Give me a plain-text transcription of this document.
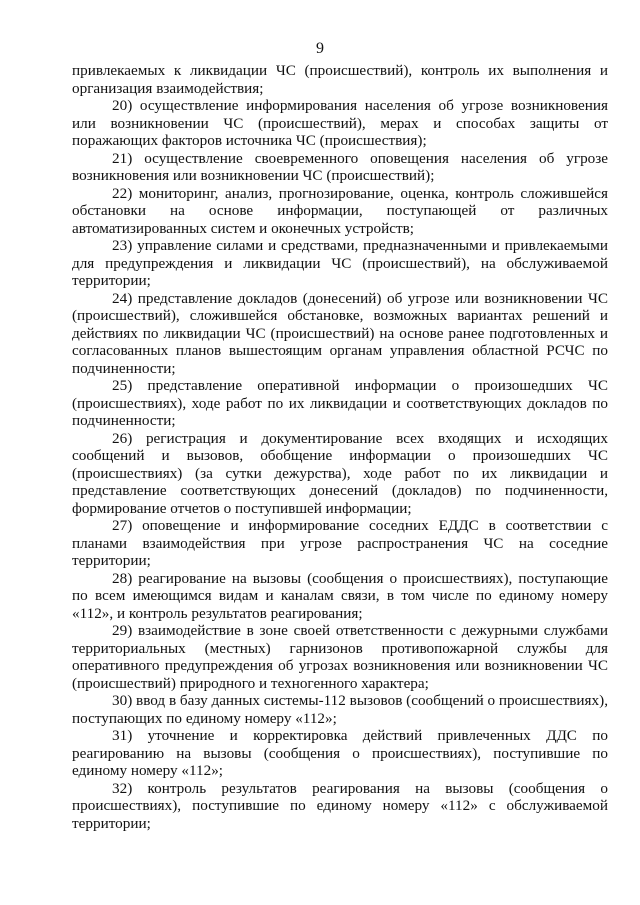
9

привлекаемых к ликвидации ЧС (происшествий), контроль их выполнения и организация взаимодействия;

20) осуществление информирования населения об угрозе возникновения или возникновении ЧС (происшествий), мерах и способах защиты от поражающих факторов источника ЧС (происшествия);

21) осуществление своевременного оповещения населения об угрозе возникновения или возникновении ЧС (происшествий);

22) мониторинг, анализ, прогнозирование, оценка, контроль сложившейся обстановки на основе информации, поступающей от различных автоматизированных систем и оконечных устройств;

23) управление силами и средствами, предназначенными и привлекаемыми для предупреждения и ликвидации ЧС (происшествий), на обслуживаемой территории;

24) представление докладов (донесений) об угрозе или возникновении ЧС (происшествий), сложившейся обстановке, возможных вариантах решений и действиях по ликвидации ЧС (происшествий) на основе ранее подготовленных и согласованных планов вышестоящим органам управления областной РСЧС по подчиненности;

25) представление оперативной информации о произошедших ЧС (происшествиях), ходе работ по их ликвидации и соответствующих докладов по подчиненности;

26) регистрация и документирование всех входящих и исходящих сообщений и вызовов, обобщение информации о произошедших ЧС (происшествиях) (за сутки дежурства), ходе работ по их ликвидации и представление соответствующих донесений (докладов) по подчиненности, формирование отчетов о поступившей информации;

27) оповещение и информирование соседних ЕДДС в соответствии с планами взаимодействия при угрозе распространения ЧС на соседние территории;

28) реагирование на вызовы (сообщения о происшествиях), поступающие по всем имеющимся видам и каналам связи, в том числе по единому номеру «112», и контроль результатов реагирования;

29) взаимодействие в зоне своей ответственности с дежурными службами территориальных (местных) гарнизонов противопожарной службы для оперативного предупреждения об угрозах возникновения или возникновении ЧС (происшествий) природного и техногенного характера;

30) ввод в базу данных системы-112 вызовов (сообщений о происшествиях), поступающих по единому номеру «112»;

31) уточнение и корректировка действий привлеченных ДДС по реагированию на вызовы (сообщения о происшествиях), поступившие по единому номеру «112»;

32) контроль результатов реагирования на вызовы (сообщения о происшествиях), поступившие по единому номеру «112» с обслуживаемой территории;
